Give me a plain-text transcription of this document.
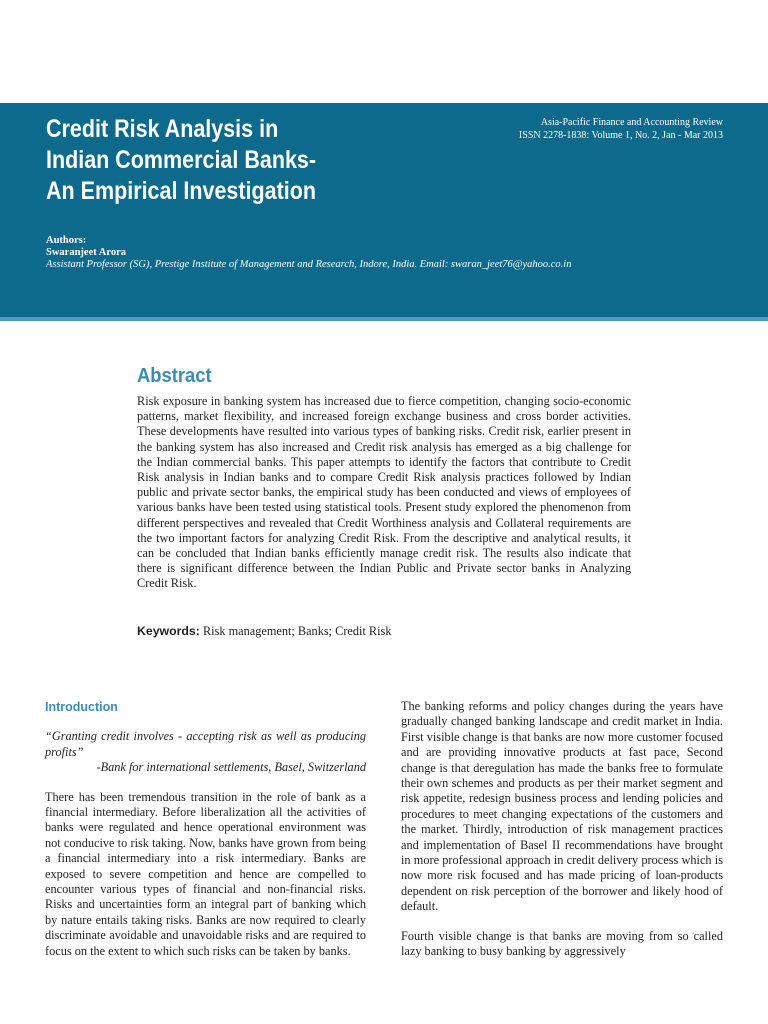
Credit Risk Analysis in
Indian Commercial Banks-
An Empirical Investigation
Asia-Pacific Finance and Accounting Review
ISSN 2278-1838: Volume 1, No. 2, Jan - Mar 2013
Authors:
Swaranjeet Arora
Assistant Professor (SG), Prestige Institute of Management and Research, Indore, India. Email: swaran_jeet76@yahoo.co.in
Abstract
Risk exposure in banking system has increased due to fierce competition, changing socio-economic patterns, market flexibility, and increased foreign exchange business and cross border activities. These developments have resulted into various types of banking risks. Credit risk, earlier present in the banking system has also increased and Credit risk analysis has emerged as a big challenge for the Indian commercial banks. This paper attempts to identify the factors that contribute to Credit Risk analysis in Indian banks and to compare Credit Risk analysis practices followed by Indian public and private sector banks, the empirical study has been conducted and views of employees of various banks have been tested using statistical tools. Present study explored the phenomenon from different perspectives and revealed that Credit Worthiness analysis and Collateral requirements are the two important factors for analyzing Credit Risk. From the descriptive and analytical results, it can be concluded that Indian banks efficiently manage credit risk. The results also indicate that there is significant difference between the Indian Public and Private sector banks in Analyzing Credit Risk.
Keywords: Risk management; Banks; Credit Risk
Introduction

“Granting credit involves - accepting risk as well as producing profits”

-Bank for international settlements, Basel, Switzerland

There has been tremendous transition in the role of bank as a financial intermediary. Before liberalization all the activities of banks were regulated and hence operational environment was not conducive to risk taking. Now, banks have grown from being a financial intermediary into a risk intermediary. Banks are exposed to severe competition and hence are compelled to encounter various types of financial and non-financial risks. Risks and uncertainties form an integral part of banking which by nature entails taking risks. Banks are now required to clearly discriminate avoidable and unavoidable risks and are required to focus on the extent to which such risks can be taken by banks.

The banking reforms and policy changes during the years have gradually changed banking landscape and credit market in India. First visible change is that banks are now more customer focused and are providing innovative products at fast pace, Second change is that deregulation has made the banks free to formulate their own schemes and products as per their market segment and risk appetite, redesign business process and lending policies and procedures to meet changing expectations of the customers and the market. Thirdly, introduction of risk management practices and implementation of Basel II recommendations have brought in more professional approach in credit delivery process which is now more risk focused and has made pricing of loan-products dependent on risk perception of the borrower and likely hood of default.

Fourth visible change is that banks are moving from so called lazy banking to busy banking by aggressively
